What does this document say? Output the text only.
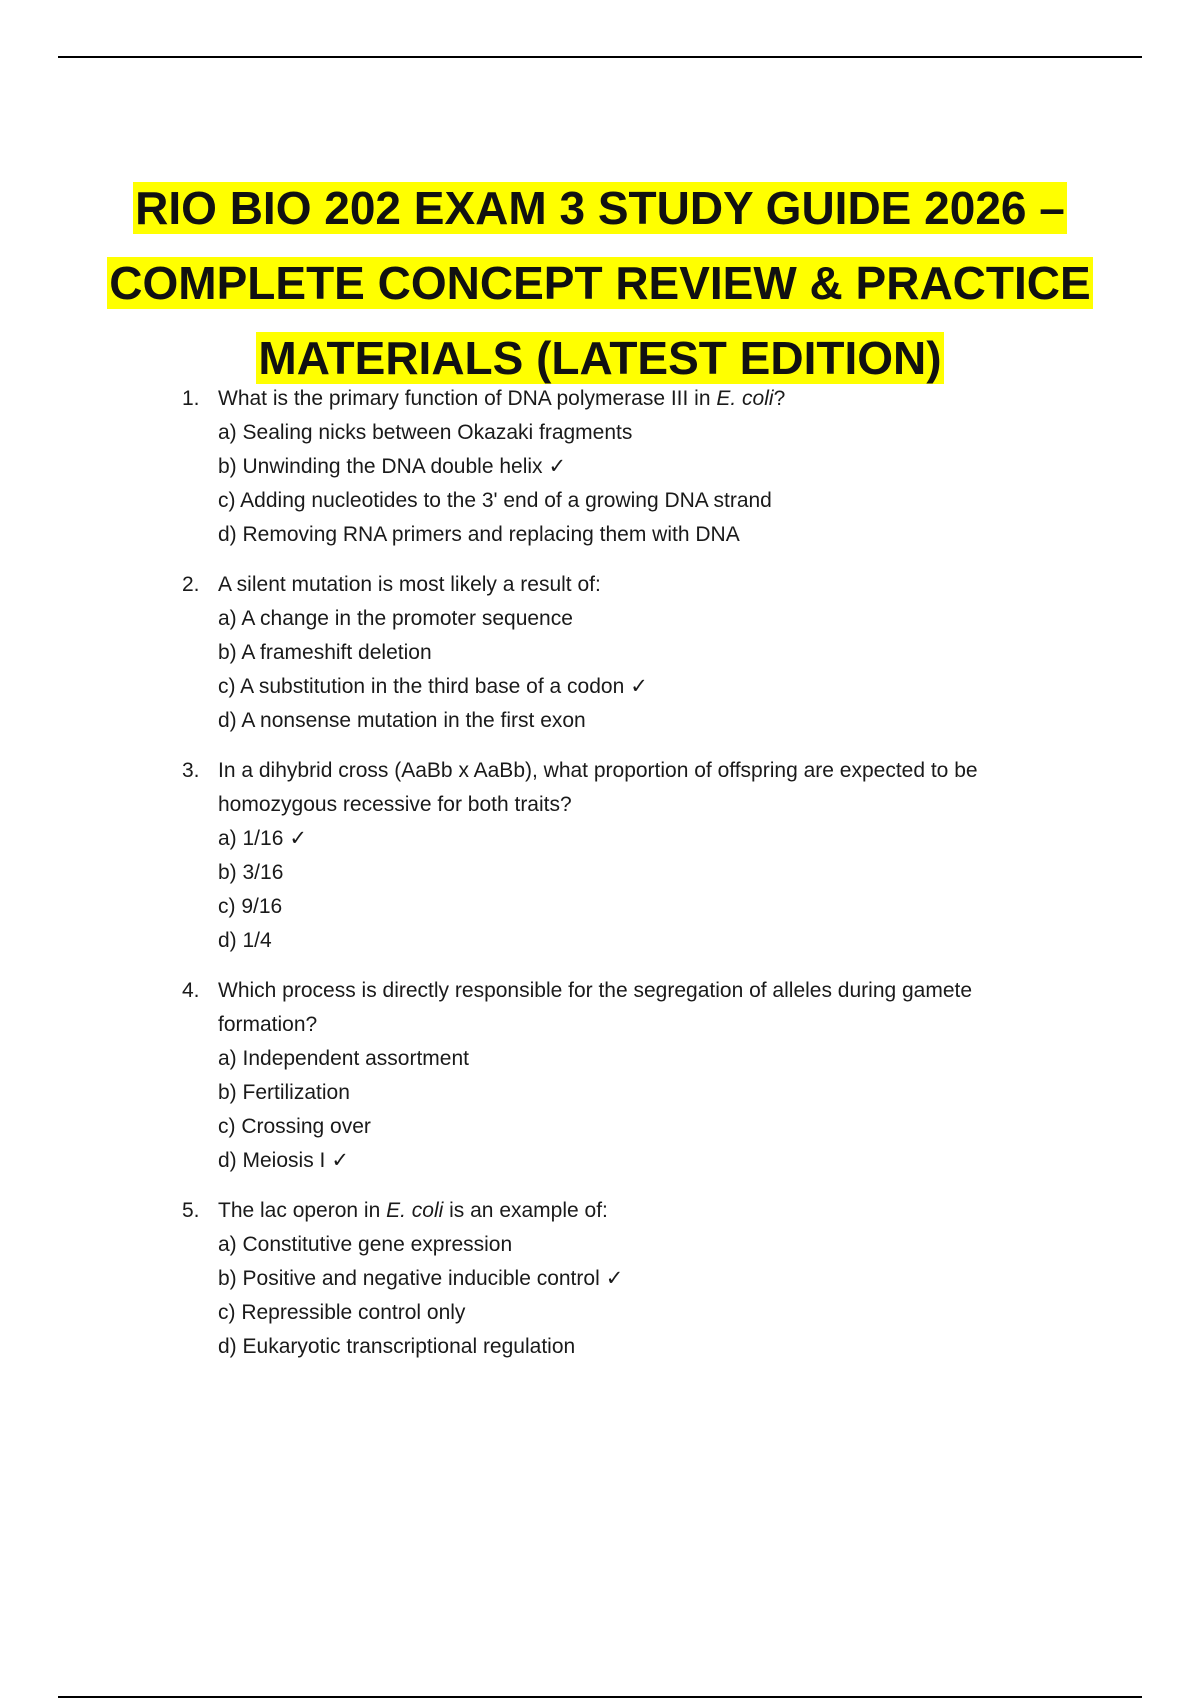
RIO BIO 202 EXAM 3 STUDY GUIDE 2026 – COMPLETE CONCEPT REVIEW & PRACTICE MATERIALS (LATEST EDITION)
1. What is the primary function of DNA polymerase III in E. coli?
a) Sealing nicks between Okazaki fragments
b) Unwinding the DNA double helix ✓
c) Adding nucleotides to the 3' end of a growing DNA strand
d) Removing RNA primers and replacing them with DNA
2. A silent mutation is most likely a result of:
a) A change in the promoter sequence
b) A frameshift deletion
c) A substitution in the third base of a codon ✓
d) A nonsense mutation in the first exon
3. In a dihybrid cross (AaBb x AaBb), what proportion of offspring are expected to be homozygous recessive for both traits?
a) 1/16 ✓
b) 3/16
c) 9/16
d) 1/4
4. Which process is directly responsible for the segregation of alleles during gamete formation?
a) Independent assortment
b) Fertilization
c) Crossing over
d) Meiosis I ✓
5. The lac operon in E. coli is an example of:
a) Constitutive gene expression
b) Positive and negative inducible control ✓
c) Repressible control only
d) Eukaryotic transcriptional regulation
